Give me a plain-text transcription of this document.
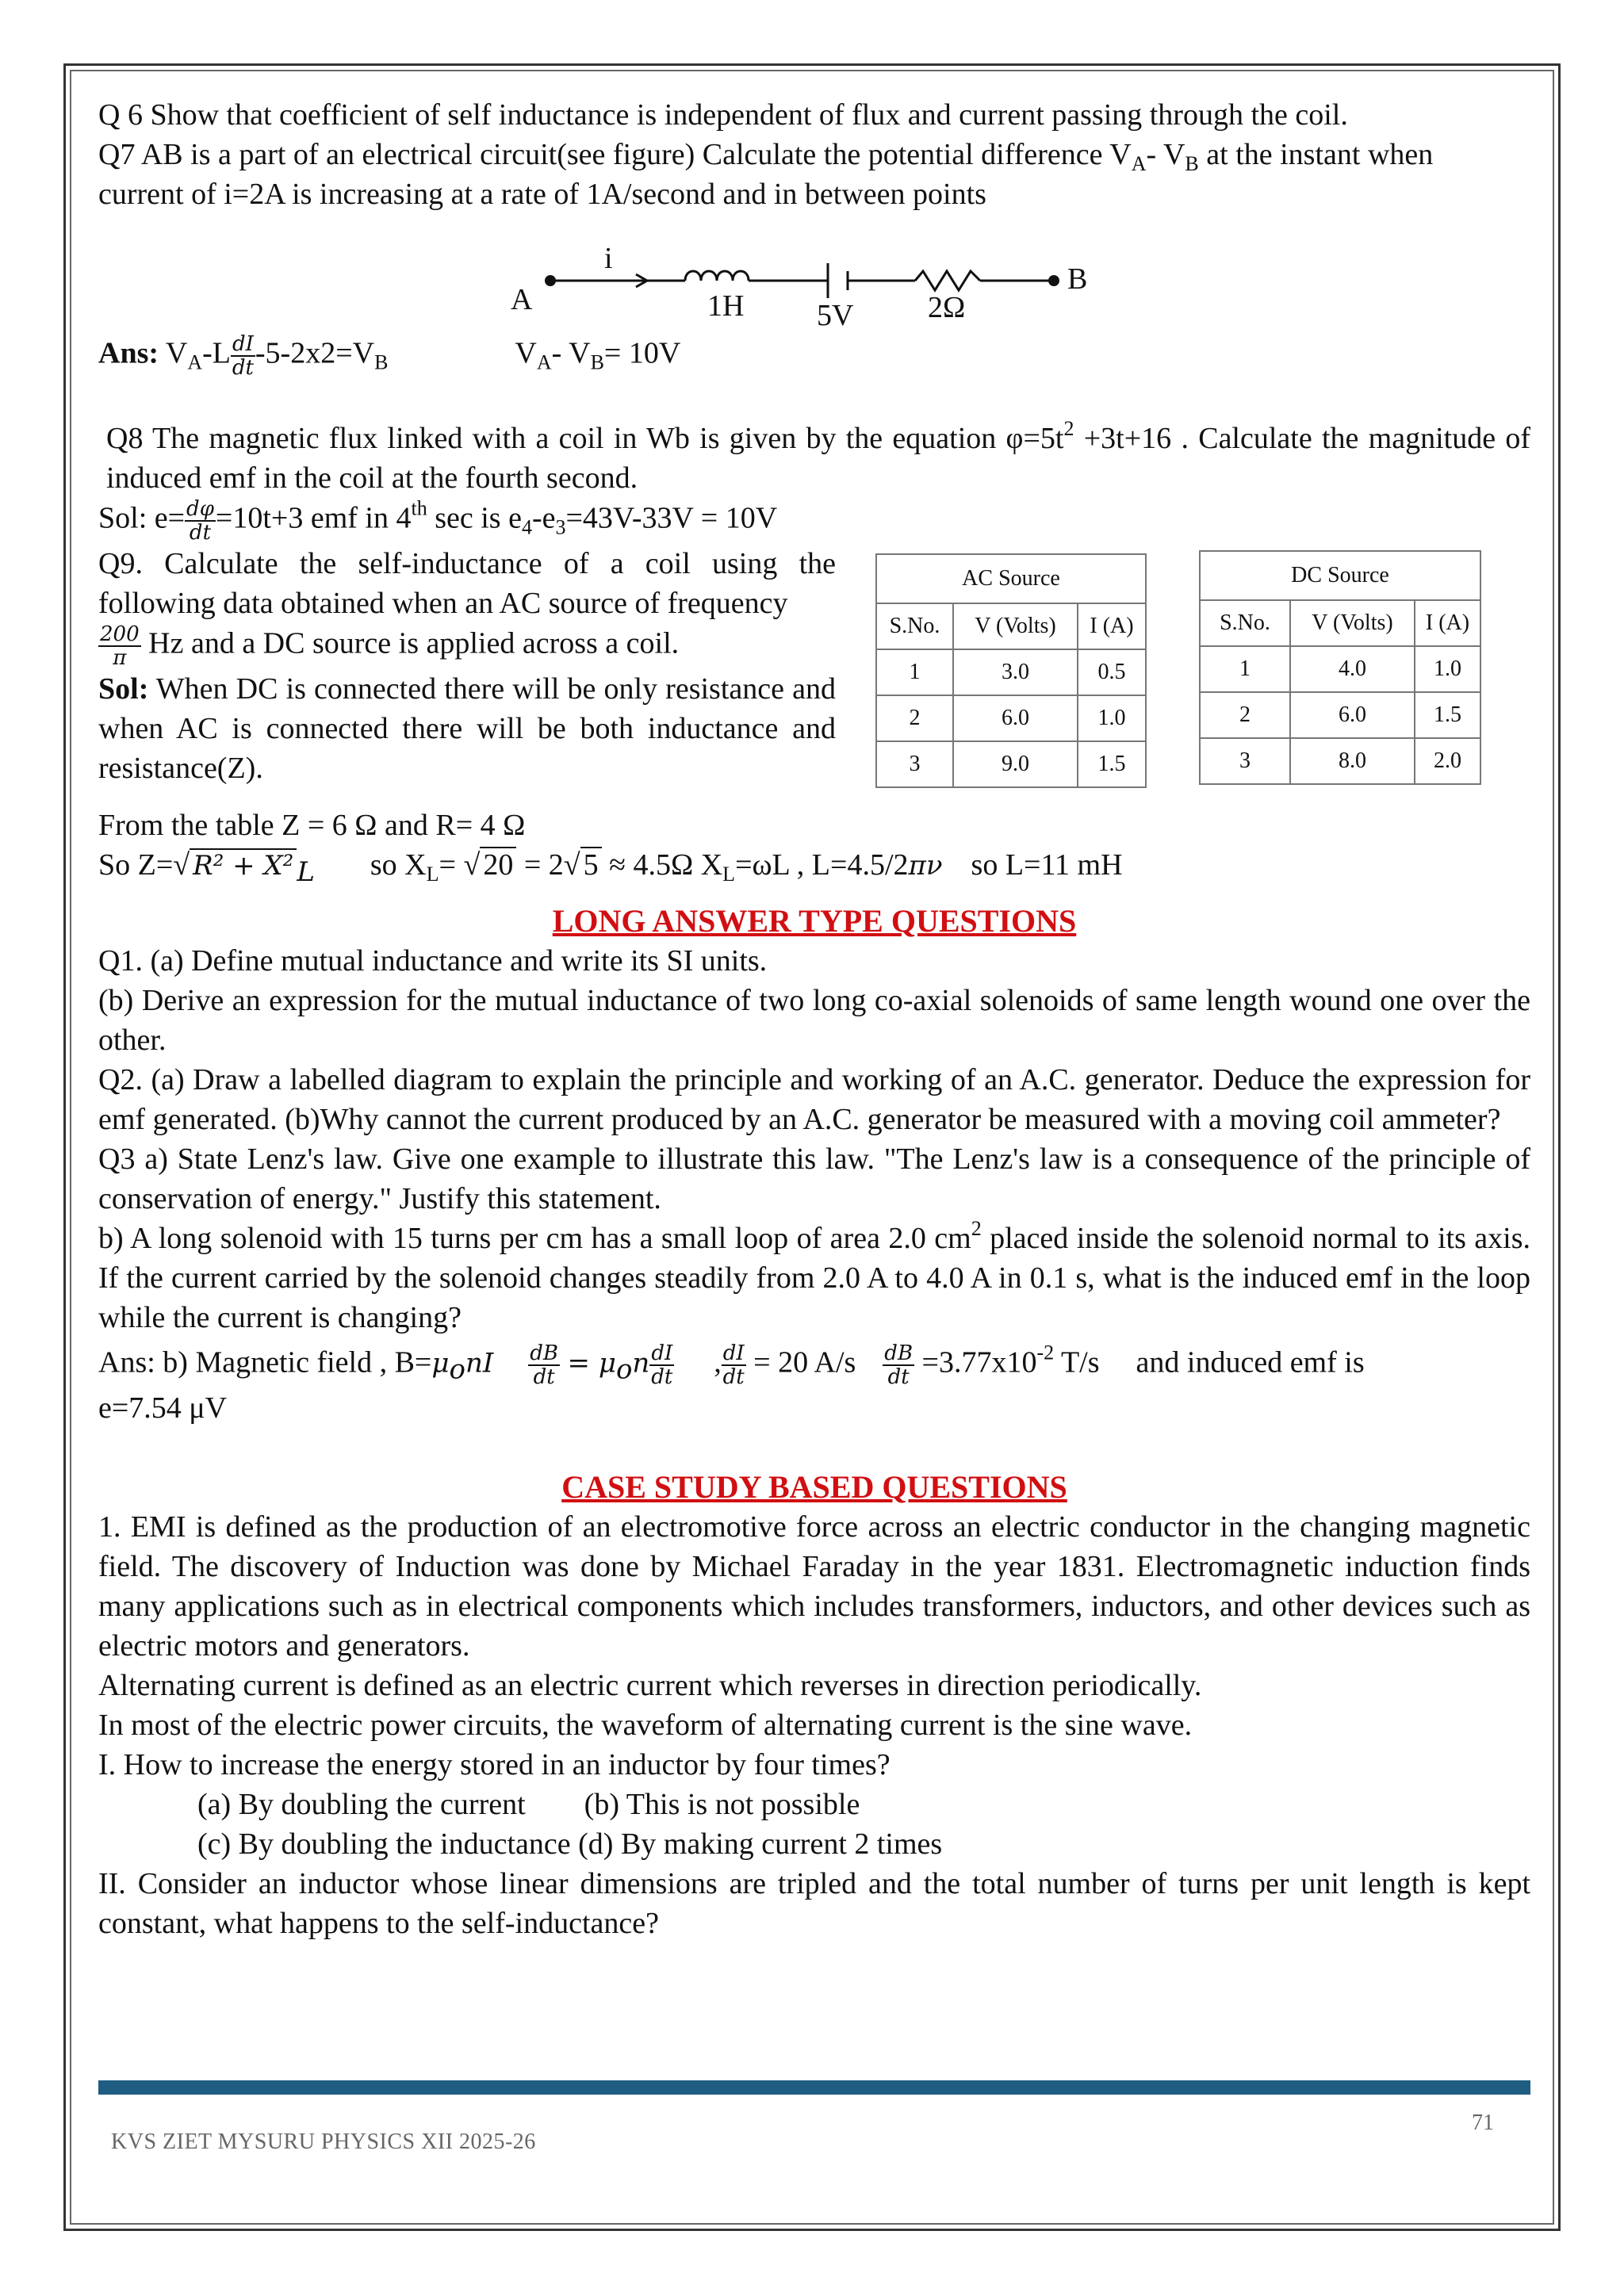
Q 6 Show that coefficient of self inductance is independent of flux and current passing through the coil.

Q7 AB is a part of an electrical circuit(see figure) Calculate the potential difference $V_A-$ $V_B$ at the instant when
current of i=2A is increasing at a rate of 1A/second and in between points

A
B
i
1H 5V 2Ω

Ans: $V_A-L \frac{dI}{dt} -5-2x2=V_B$	$V_A-$ $V_B= 10V$

Q8 The magnetic flux linked with a coil in Wb is given by the equation $\varphi=5t^2 +3t+16$ . Calculate the magnitude of induced emf in the coil at the fourth second.

Sol: $e= \frac{d\varphi}{dt} =10t+3$ emf in 4th sec is $e_4-e_3=43V-33V = 10V$

Q9. Calculate the self-inductance of a coil using the following data obtained when an AC source of frequency

$\frac{200}{\pi}$ Hz and a DC source is applied across a coil.
Sol: When DC is connected there will be only resistance and when AC is connected there will be both inductance and resistance(Z).
AC Source		
S.No.	V (Volts)	I (A)
1	3.0	0.5
2	6.0	1.0
3	9.0	1.5
DC Source		
S.No.	V (Volts)	I (A)
1	4.0	1.0
2	6.0	1.5
3	8.0	2.0

From the table Z = 6 Ω and R= 4 Ω

So Z=√ R² + X² L so $X_L=$ √ 20 = 2√ 5 ≈ 4.5Ω $X_L=\omega L$ , L=4.5/2πν so L=11 mH

LONG ANSWER TYPE QUESTIONS

Q1. (a) Define mutual inductance and write its SI units.

(b) Derive an expression for the mutual inductance of two long co-axial solenoids of same length wound one over the other.

Q2. (a) Draw a labelled diagram to explain the principle and working of an A.C. generator. Deduce the expression for emf generated. (b)Why cannot the current produced by an A.C. generator be measured with a moving coil ammeter?

Q3 a) State Lenz's law. Give one example to illustrate this law. "The Lenz's law is a consequence of the principle of conservation of energy." Justify this statement.

b) A long solenoid with 15 turns per cm has a small loop of area 2.0 $cm^2$ placed inside the solenoid normal to its axis. If the current carried by the solenoid changes steadily from 2.0 A to 4.0 A in 0.1 s, what is the induced emf in the loop while the current is changing?

Ans: b) Magnetic field , $B=\mu onI \frac{dB}{dt} = \mu on \frac{dI}{dt}$ , $\frac{dI}{dt} = 20$ $A/s \frac{dB}{dt} =3.77x10^{-2}$ T/s and induced emf is

e=7.54 μV

CASE STUDY BASED QUESTIONS

1. EMI is defined as the production of an electromotive force across an electric conductor in the changing magnetic field. The discovery of Induction was done by Michael Faraday in the year 1831. Electromagnetic induction finds many applications such as in electrical components which includes transformers, inductors, and other devices such as electric motors and generators.

Alternating current is defined as an electric current which reverses in direction periodically.

In most of the electric power circuits, the waveform of alternating current is the sine wave.

I. How to increase the energy stored in an inductor by four times?

(a) By doubling the current (b) This is not possible

(c) By doubling the inductance (d) By making current 2 times

II. Consider an inductor whose linear dimensions are tripled and the total number of turns per unit length is kept constant, what happens to the self-inductance?

KVS ZIET MYSURU PHYSICS XII 2025-26
71
